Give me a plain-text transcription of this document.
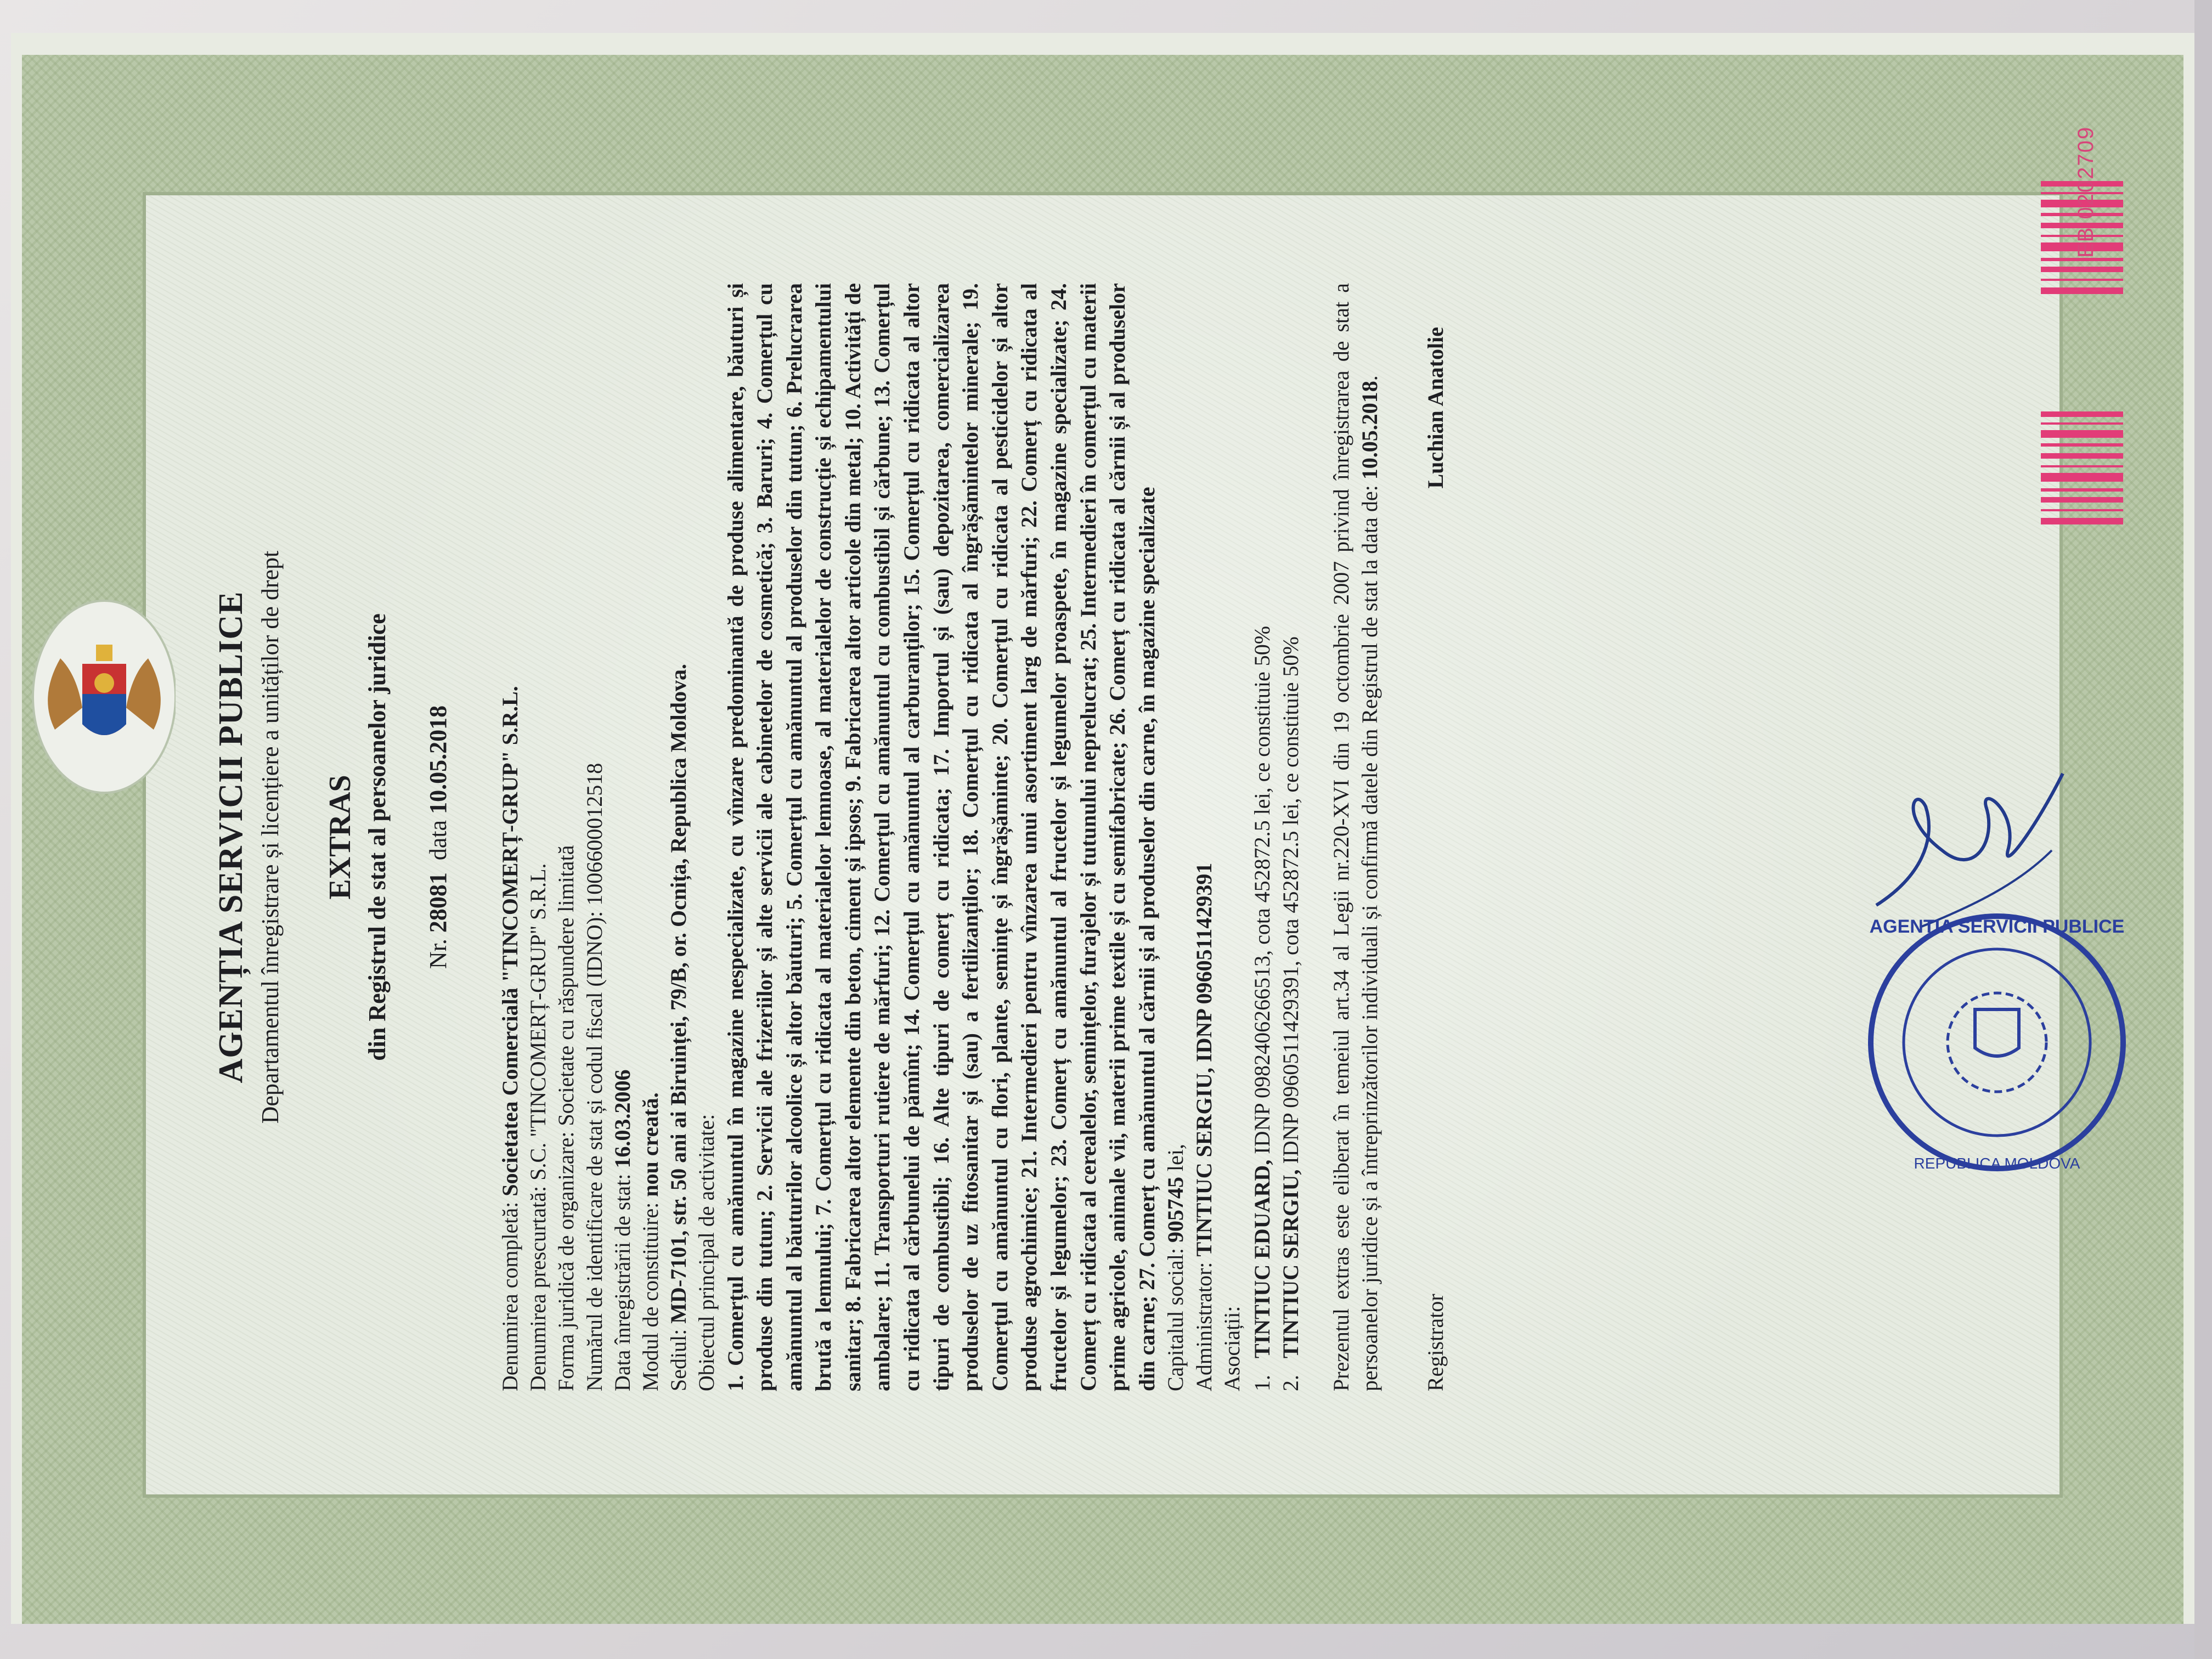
AGENȚIA SERVICII PUBLICE Departamentul înregistrare și licențiere a unităților de drept EXTRAS din Registrul de stat al persoanelor juridice Nr. 28081  data 10.05.2018
Denumirea completă: Societatea Comercială "TINCOMERȚ-GRUP" S.R.L.
Denumirea prescurtată: S.C. "TINCOMERȚ-GRUP" S.R.L.
Forma juridică de organizare: Societate cu răspundere limitată Numărul de identificare de stat și codul fiscal (IDNO): 1006600012518
Data înregistrării de stat: 16.03.2006
Modul de constituire: nou creată.
Sediul: MD-7101, str. 50 ani ai Biruinței, 79/B, or. Ocnița, Republica Moldova. Obiectul principal de activitate: 1. Comerțul cu amănuntul în magazine nespecializate, cu vînzare predominantă de produse alimentare, băuturi și produse din tutun; 2. Servicii ale frizeriilor și alte servicii ale cabinetelor de cosmetică; 3. Baruri; 4. Comerțul cu amănuntul al băuturilor alcoolice și altor băuturi; 5. Comerțul cu amănuntul al produselor din tutun; 6. Prelucrarea brută a lemnului; 7. Comerțul cu ridicata al materialelor lemnoase, al materialelor de construcție și echipamentului sanitar; 8. Fabricarea altor elemente din beton, ciment și ipsos; 9. Fabricarea altor articole din metal; 10. Activități de ambalare; 11. Transporturi rutiere de mărfuri; 12. Comerțul cu amănuntul cu combustibil și cărbune; 13. Comerțul cu ridicata al cărbunelui de pămînt; 14. Comerțul cu amănuntul al carburanților; 15. Comerțul cu ridicata al altor tipuri de combustibil; 16. Alte tipuri de comerț cu ridicata; 17. Importul și (sau) depozitarea, comercializarea produselor de uz fitosanitar și (sau) a fertilizanților; 18. Comerțul cu ridicata al îngrășămintelor minerale; 19. Comerțul cu amănuntul cu flori, plante, semințe și îngrășăminte; 20. Comerțul cu ridicata al pesticidelor și altor produse agrochimice; 21. Intermedieri pentru vînzarea unui asortiment larg de mărfuri; 22. Comerț cu ridicata al fructelor și legumelor; 23. Comerț cu amănuntul al fructelor și legumelor proaspete, în magazine specializate; 24. Comerț cu ridicata al cerealelor, semințelor, furajelor și tutunului neprelucrat; 25. Intermedieri în comerțul cu materii prime agricole, animale vii, materii prime textile și cu semifabricate; 26. Comerț cu ridicata al cărnii și al produselor din carne; 27. Comerț cu amănuntul al cărnii și al produselor din carne, în magazine specializate Capitalul social: 905745 lei,
Administrator: TINTIUC SERGIU, IDNP 0960511429391
Asociații: 1.
TINTIUC EDUARD, IDNP 0982406266513, cota 452872.5 lei, ce constituie 50%
2.
TINTIUC SERGIU, IDNP 0960511429391, cota 452872.5 lei, ce constituie 50% Prezentul extras este eliberat în temeiul art.34 al Legii nr.220-XVI din 19 octombrie 2007 privind înregistrarea de stat a persoanelor juridice și a întreprinzătorilor individuali și confirmă datele din Registrul de stat la data de: 10.05.2018.
Registrator
Luchian Anatolie
AGENȚIA SERVICII PUBLICE
REPUBLICA MOLDOVA
EB 0202709
